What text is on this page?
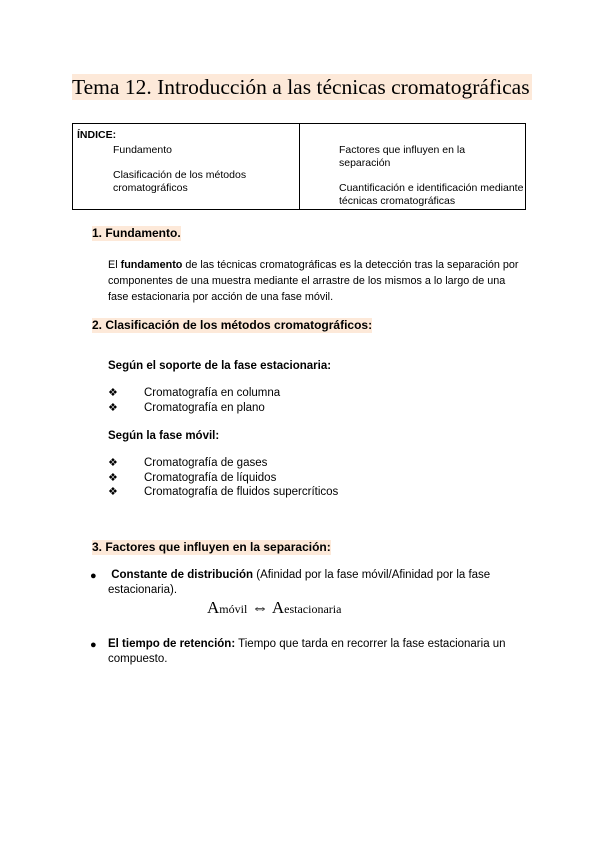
Tema 12. Introducción a las técnicas cromatográficas
ÍNDICE:
Fundamento
Clasificación de los métodos cromatográficos
Factores que influyen en la separación
Cuantificación e identificación mediante técnicas cromatográficas
1. Fundamento.
El fundamento de las técnicas cromatográficas es la detección tras la separación por componentes de una muestra mediante el arrastre de los mismos a lo largo de una fase estacionaria por acción de una fase móvil.
2. Clasificación de los métodos cromatográficos:
Según el soporte de la fase estacionaria:
❖ Cromatografía en columna
❖ Cromatografía en plano
Según la fase móvil:
❖ Cromatografía de gases
❖ Cromatografía de líquidos
❖ Cromatografía de fluidos supercríticos
3. Factores que influyen en la separación:
● Constante de distribución (Afinidad por la fase móvil/Afinidad por la fase estacionaria).
Amóvil ⇔ Aestacionaria
● El tiempo de retención: Tiempo que tarda en recorrer la fase estacionaria un compuesto.
